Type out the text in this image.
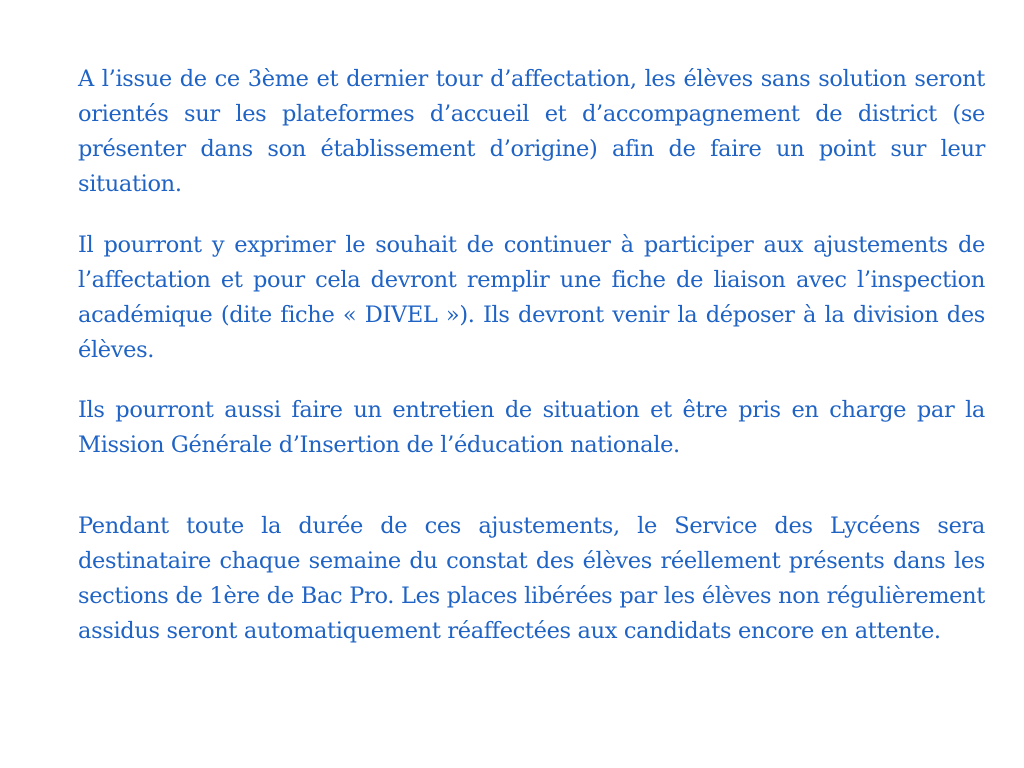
A l’issue de ce 3ème et dernier tour d’affectation, les élèves sans solution seront orientés sur les plateformes d’accueil et d’accompagnement de district (se présenter dans son établissement d’origine) afin de faire un point sur leur situation.

Il pourront y exprimer le souhait de continuer à participer aux ajustements de l’affectation et pour cela devront remplir une fiche de liaison avec l’inspection académique (dite fiche « DIVEL »). Ils devront venir la déposer à la division des élèves.

Ils pourront aussi faire un entretien de situation et être pris en charge par la Mission Générale d’Insertion de l’éducation nationale.

Pendant toute la durée de ces ajustements, le Service des Lycéens sera destinataire chaque semaine du constat des élèves réellement présents dans les sections de 1ère de Bac Pro. Les places libérées par les élèves non régulièrement assidus seront automatiquement réaffectées aux candidats encore en attente.
